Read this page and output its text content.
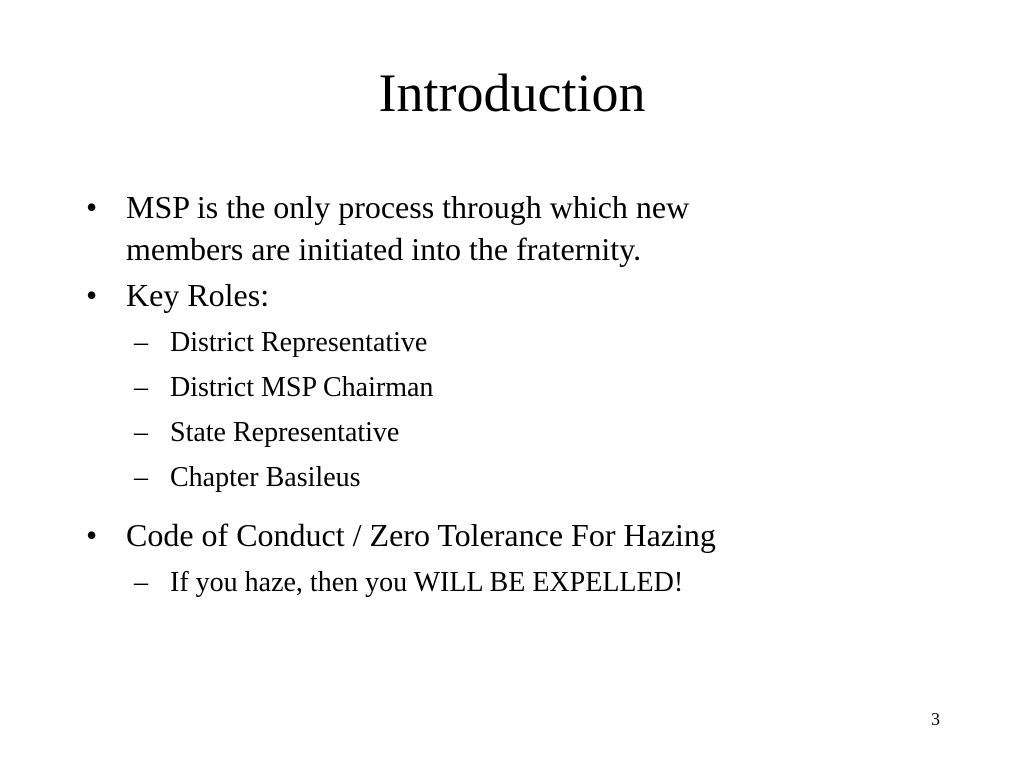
Introduction
• MSP is the only process through which new
members are initiated into the fraternity.
• Key Roles:
– District Representative
– District MSP Chairman
– State Representative
– Chapter Basileus
• Code of Conduct / Zero Tolerance For Hazing
– If you haze, then you WILL BE EXPELLED!
3
